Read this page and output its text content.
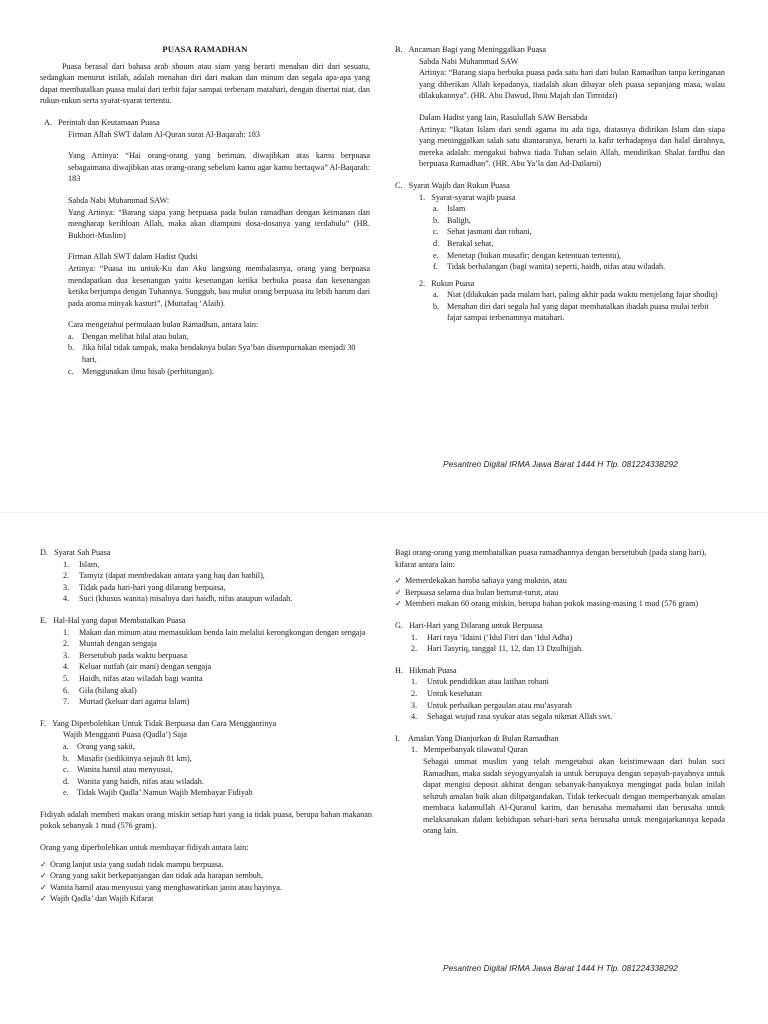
PUASA RAMADHAN

Puasa berasal dari bahasa arab shoum atau siam yang berarti menahan diri dari sesuatu, sedangkan menurut istilah, adalah menahan diri dari makan dan minum dan segala apa-apa yang dapat membatalkan puasa mulai dari terbit fajar sampai terbenam matahari, dengan disertai niat, dan rukun-rukun serta syarat-syarat tertentu.

A.   Perintah dan Keutamaan Puasa

Firman Allah SWT dalam Al-Quran surat Al-Baqarah: 183

Yang Artinya: “Hai orang-orang yang beriman, diwajibkan atas kamu berpuasa sebagaimana diwajibkan atas orang-orang sebelum kamu agar kamu bertaqwa” Al-Baqarah: 183

Sabda Nabi Muhammad SAW:

Yang Artinya: “Barang siapa yang berpuasa pada bulan ramadhan dengan keimanan dan mengharap kerihloan Allah, maka akan diampuni dosa-dosanya yang terdahulu” (HR. Bukhori-Muslim)

Firman Allah SWT dalam Hadist Qudsi

Artinya: “Puasa itu untuk-Ku dan Aku langsung membalasnya, orang yang berpuasa mendapatkan dua kesenangan yaitu kesenangan ketika berbuka puasa dan kesenangan ketika berjumpa dengan Tuhannya. Sungguh, bau mulut orang berpuasa itu lebih harum dari pada aroma minyak kasturi”. (Muttafaq ‘Alaih).

Cara mengetahui permulaan bulan Ramadhan, antara lain:

a.	Dengan melihat hilal atau bulan,
b. Jika hilal tidak tampak, maka hendaknya bulan Sya’ban disempurnakan menjadi 30 hari,
c.	Menggunakan ilmu hisab (perhitungan).

B.   Ancaman Bagi yang Meninggalkan Puasa

Sabda Nabi Muhammad SAW

Artinya: “Barang siapa berbuka puasa pada satu hari dari bulan Ramadhan tanpa keringanan yang diberikan Allah kepadanya, tiadalah akan dibayar oleh puasa sepanjang masa, walau dilakukannya”. (HR. Abu Dawud, Ibnu Majah dan Tirmidzi)

Dalam Hadist yang lain, Rasulullah SAW Bersabda

Artinya: “Ikatan Islam dari sendi agama itu ada tiga, diatasnya didirikan Islam dan siapa yang meninggalkan salah satu diantaranya, berarti ia kafir terhadapnya dan halal darahnya, mereka adalah: mengakui bahwa tiada Tuhan selain Allah, mendirikan Shalat fardhu dan berpuasa Ramadhan”. (HR. Abu Ya’la dan Ad-Dailami)

C.   Syarat Wajib dan Rukun Puasa

1.   Syarat-syarat wajib puasa

a.	Islam
b. Baligh,
c.	Sehat jasmani dan rohani,
d. Berakal sehat,
e.	Menetap (bukan musafir; dengan ketentuan tertentu),
f.	Tidak berhalangan (bagi wanita) seperti, haidh, nifas atau wiladah.

2.   Rukun Puasa

a.	Niat (dilakukan pada malam hari, paling akhir pada waktu menjelang fajar shodiq)
b. Menahan diri dari segala hal yang dapat membatalkan ibadah puasa mulai terbit fajar sampai terbenamnya matahari.
Pesantren Digital IRMA Jawa Barat 1444 H Tlp. 081224338292

D.   Syarat Sah Puasa

1.	Islam,
2.	Tamyiz (dapat membedakan antara yang haq dan bathil),
3.	Tidak pada hari-hari yang dilarang berpuasa,
4.	Suci (khusus wanita) misalnya dari haidh, nifas ataupun wiladah.

E.   Hal-Hal yang dapat Membatalkan Puasa

1.	Makan dan minum atau memasukkan benda lain melalui kerongkongan dengan sengaja
2.	Muntah dengan sengaja
3.	Bersetubuh pada waktu berpuasa
4.	Keluar nutfah (air mani) dengan sengaja
5.	Haidh, nifas atau wiladah bagi wanita
6.	Gila (hilang akal)
7.	Murtad (keluar dari agama Islam)

F.   Yang Diperbolehkan Untuk Tidak Berpuasa dan Cara Menggantinya

Wajib Mengganti Puasa (Qadla’) Saja

a.	Orang yang sakit,
b. Musafir (sedikitnya sejauh 81 km),
c.	Wanita hamil atau menyusui,
d. Wanita yang haidh, nifas atau wiladah.
e.	Tidak Wajib Qadla’ Namun Wajib Membayar Fidiyah

Fidiyah adalah memberi makan orang miskin setiap hari yang ia tidak puasa, berupa bahan makanan pokok sebanyak 1 mud (576 gram).

Orang yang diperbolehkan untuk membayar fidiyah antara lain:

✓ Orang lanjut usia yang sudah tidak mampu berpuasa.
✓ Orang yang sakit berkepanjangan dan tidak ada harapan sembuh,
✓ Wanita hamil atau menyusui yang menghawatirkan janin atau bayinya.
✓ Wajib Qadla’ dan Wajib Kifarat

Bagi orang-orang yang membatalkan puasa ramadhannya dengan bersetubuh (pada siang hari), kifarat antara lain:

✓ Memerdekakan hamba sahaya yang muknin, atau
✓ Berpuasa selama dua bulan berturut-turut, atau
✓ Memberi makan 60 orang miskin, berupa bahan pokok masing-masing 1 mud (576 gram)

G.   Hari-Hari yang Dilarang untuk Berpuasa

1.	Hari raya ‘Idaini (‘Idul Fitri dan ‘Idul Adha)
2.	Hari Tasyriq, tanggal 11, 12, dan 13 Dzulhijjah.

H.   Hikmah Puasa

1.	Untuk pendidikan atau latihan rohani
2.	Untuk kesehatan
3.	Untuk perbaikan pergaulan atau mu’asyarah
4.	Sebagai wujud rasa syukur atas segala nikmat Allah swt.

I.    Amalan Yang Dianjurkan di Bulan Ramadhan

1.   Memperbanyak tilawatul Quran

Sebagai ummat muslim yang telah mengetahui akan keistimewaan dari bulan suci Ramadhan, maka sudah seyogyanyalah ia untuk berupaya dengan sepayah-payahnya untuk dapat mengisi deposit akhirat dengan sebanyak-banyaknya mengingat pada bulan inilah seluruh amalan baik akan dilipatgandakan. Tidak terkecuali dengan memperbanyak amalan membaca kalamullah Al-Quranul karim, dan berusaha memahami dan berusaha untuk melaksanakan dalam kehidupan sehari-hari serta berusaha untuk mengajarkannya kepada orang lain.

Pesantren Digital IRMA Jawa Barat 1444 H Tlp. 081224338292
